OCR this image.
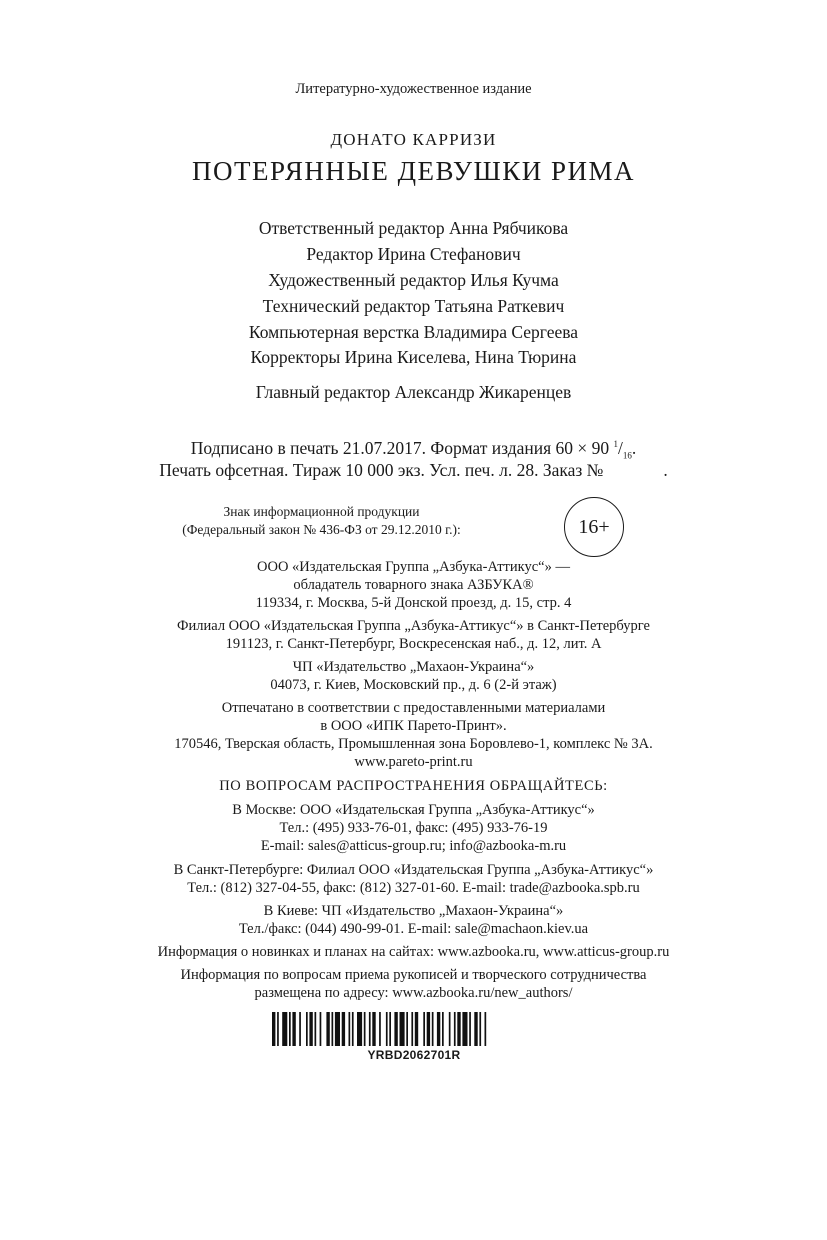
Литературно-художественное издание
ДОНАТО КАРРИЗИ
ПОТЕРЯННЫЕ ДЕВУШКИ РИМА
Ответственный редактор Анна Рябчикова
Редактор Ирина Стефанович
Художественный редактор Илья Кучма
Технический редактор Татьяна Раткевич
Компьютерная верстка Владимира Сергеева
Корректоры Ирина Киселева, Нина Тюрина
Главный редактор Александр Жикаренцев
Подписано в печать 21.07.2017. Формат издания 60 × 90 $^1/_{16}$.
Печать офсетная. Тираж 10 000 экз. Усл. печ. л. 28. Заказ №	.
Знак информационной продукции
(Федеральный закон № 436-ФЗ от 29.12.2010 г.):	16+
ООО «Издательская Группа „Азбука-Аттикус“» —
обладатель товарного знака АЗБУКА®
119334, г. Москва, 5-й Донской проезд, д. 15, стр. 4
Филиал ООО «Издательская Группа „Азбука-Аттикус“» в Санкт-Петербурге
191123, г. Санкт-Петербург, Воскресенская наб., д. 12, лит. А
ЧП «Издательство „Махаон-Украина“»
04073, г. Киев, Московский пр., д. 6 (2-й этаж)
Отпечатано в соответствии с предоставленными материалами
в ООО «ИПК Парето-Принт».
170546, Тверская область, Промышленная зона Боровлево-1, комплекс № 3А.
www.pareto-print.ru
ПО ВОПРОСАМ РАСПРОСТРАНЕНИЯ ОБРАЩАЙТЕСЬ:
В Москве: ООО «Издательская Группа „Азбука-Аттикус“»
Тел.: (495) 933-76-01, факс: (495) 933-76-19
E-mail: sales@atticus-group.ru; info@azbooka-m.ru
В Санкт-Петербурге: Филиал ООО «Издательская Группа „Азбука-Аттикус“»
Тел.: (812) 327-04-55, факс: (812) 327-01-60. E-mail: trade@azbooka.spb.ru
В Киеве: ЧП «Издательство „Махаон-Украина“»
Тел./факс: (044) 490-99-01. E-mail: sale@machaon.kiev.ua
Информация о новинках и планах на сайтах: www.azbooka.ru, www.atticus-group.ru
Информация по вопросам приема рукописей и творческого сотрудничества
размещена по адресу: www.azbooka.ru/new_authors/
YRBD2062701R
